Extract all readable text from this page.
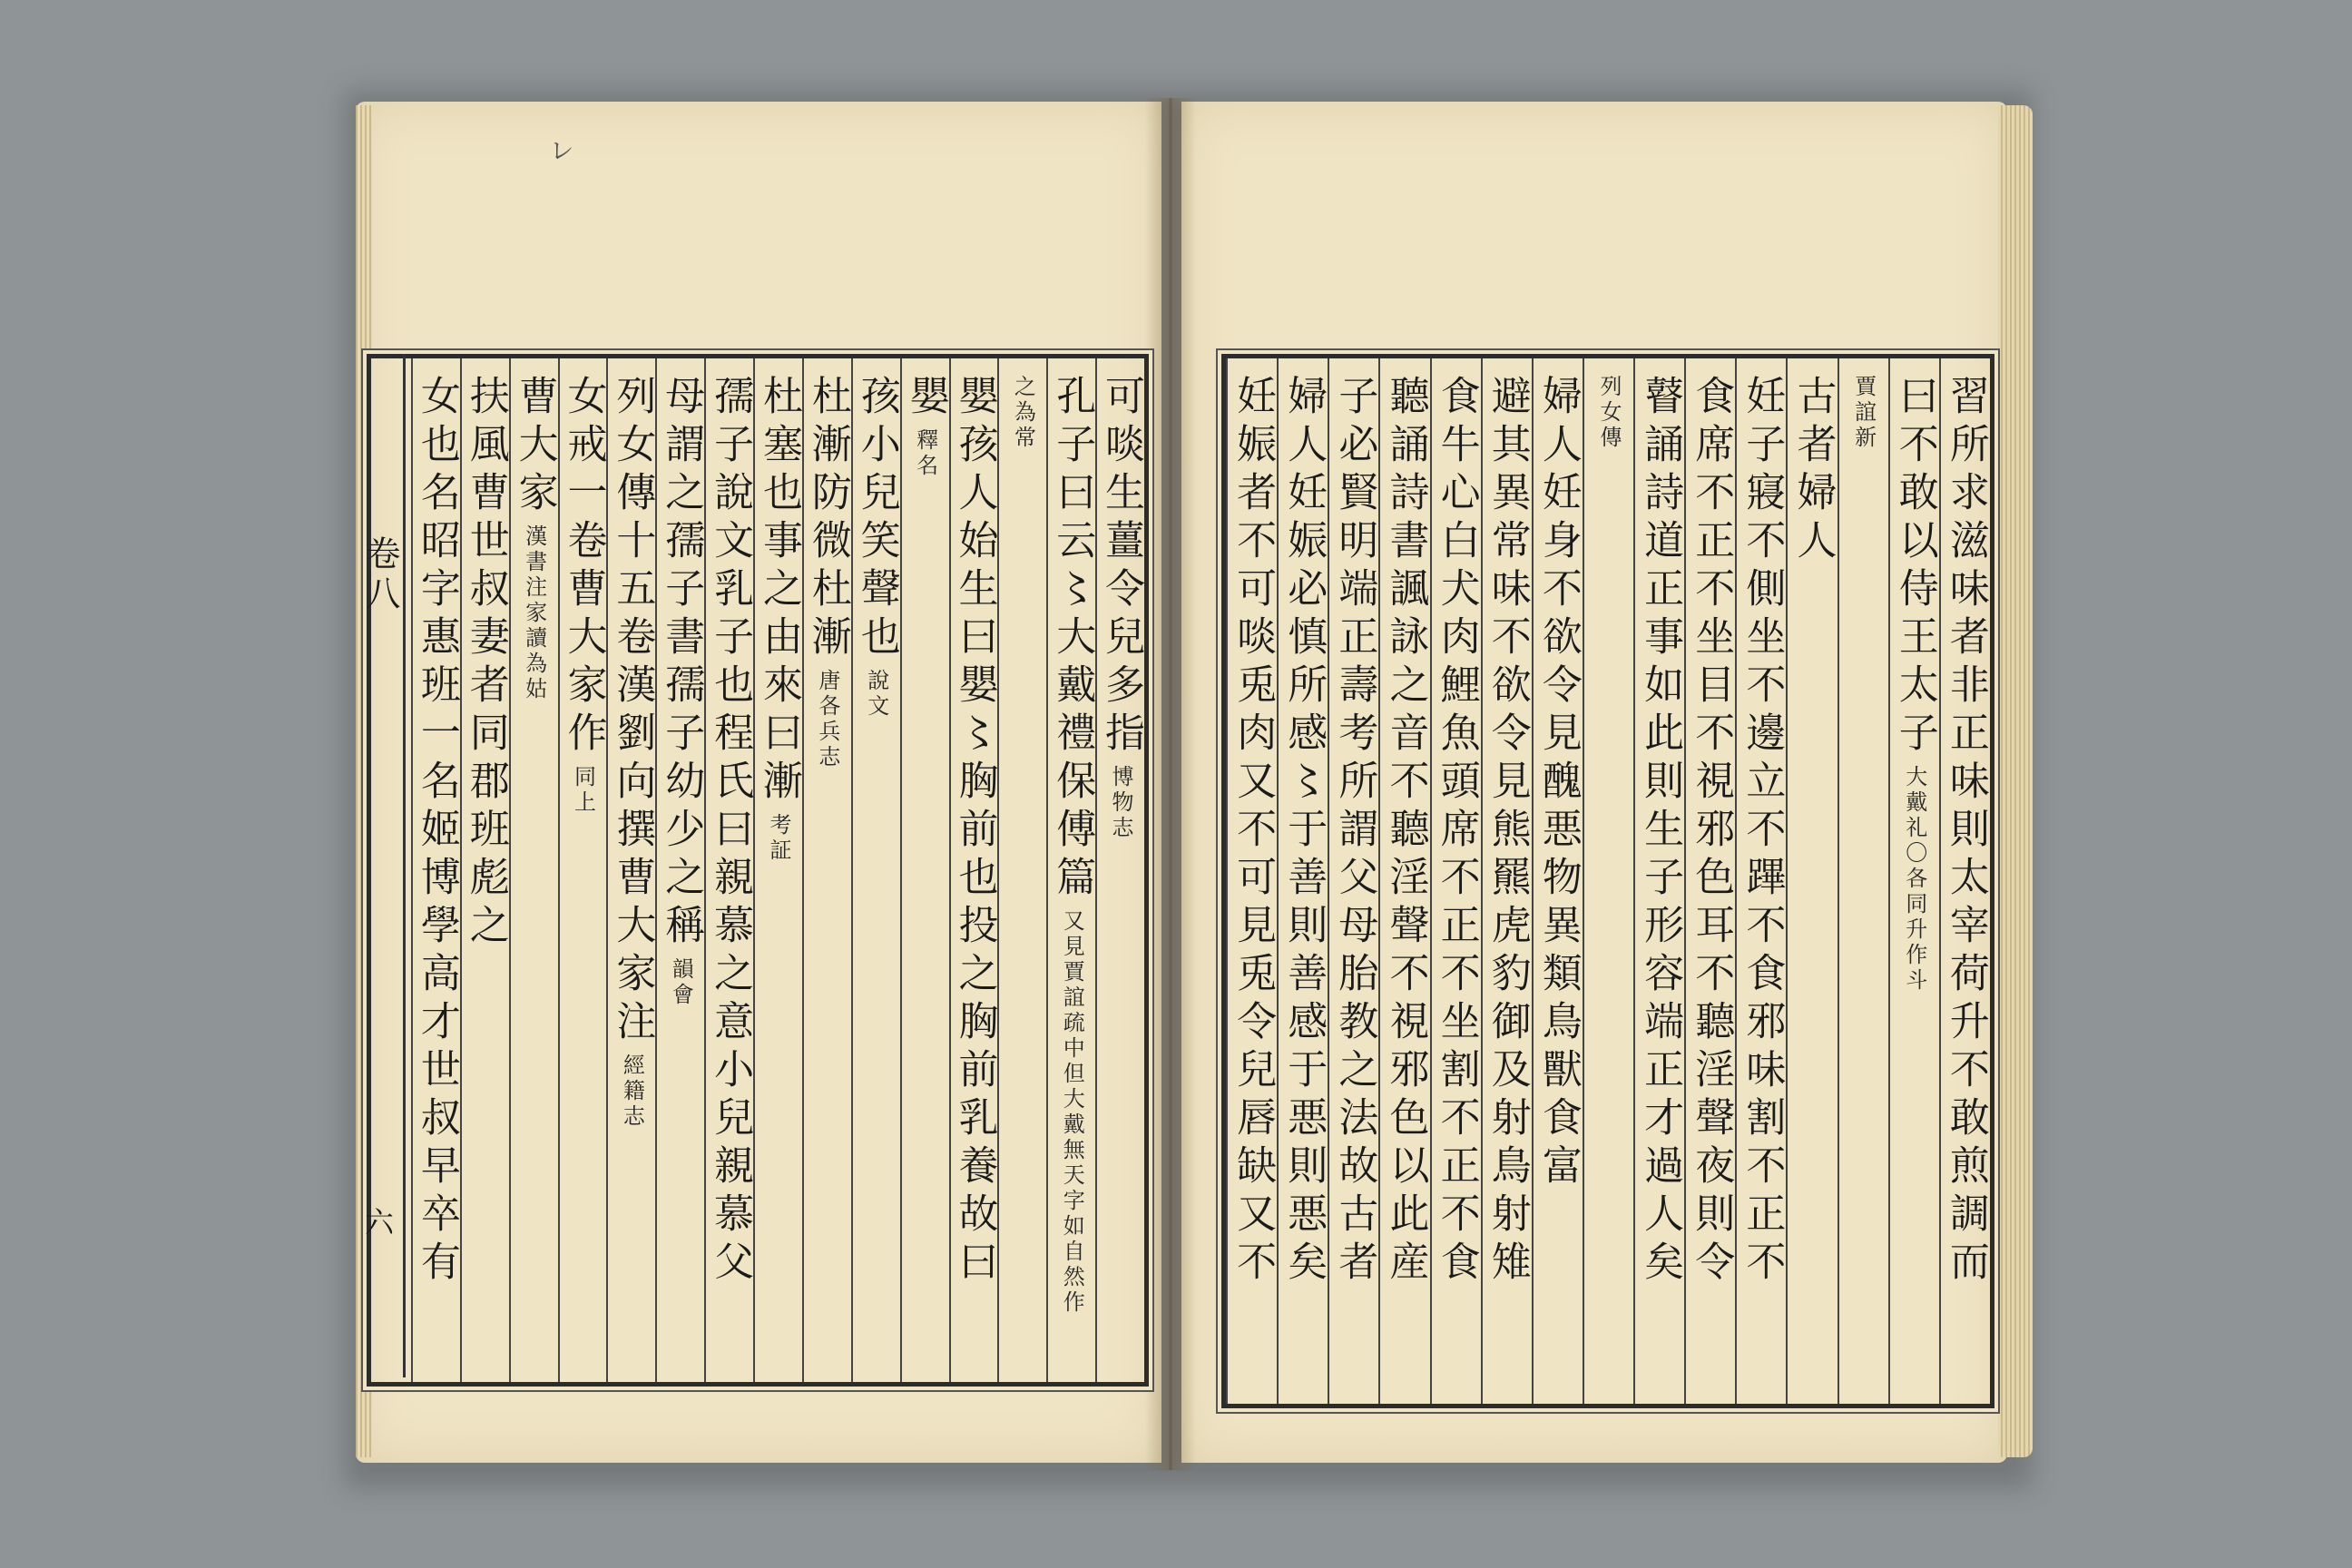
㆑
可啖生薑令兒多指
博物志
孔子曰云〻大戴禮保傅篇
又見賈誼疏中但大戴無天字如自然作
之為常
嬰孩人始生曰嬰〻胸前也投之胸前乳養故曰
嬰
釋名
孩小兒笑聲也
說文
杜漸防微杜漸
唐各兵志
杜塞也事之由來曰漸
考証
孺子說文乳子也程氏曰親慕之意小兒親慕父
母謂之孺子書孺子幼少之稱
韻會
列女傳十五卷漢劉向撰曹大家注
經籍志
女戒一卷曹大家作
同上
曹大家
漢書注家讀為姑
扶風曹世叔妻者同郡班彪之
女也名昭字惠班一名姬博學高才世叔早卒有
卷八
六	習所求滋味者非正味則太宰荷升不敢煎調而
曰不敢以侍王太子
大戴礼〇各同升作斗
賈誼新
古者婦人
妊子寢不側坐不邊立不蹕不食邪味割不正不
食席不正不坐目不視邪色耳不聽淫聲夜則令
瞽誦詩道正事如此則生子形容端正才過人矣
列女傳
婦人妊身不欲令見醜悪物異類鳥獸食富
避其異常味不欲令見熊羆虎豹御及射鳥射雉
食牛心白犬肉鯉魚頭席不正不坐割不正不食
聽誦詩書諷詠之音不聽淫聲不視邪色以此産
子必賢明端正壽考所謂父母胎教之法故古者
婦人妊娠必慎所感〻于善則善感于悪則悪矣
妊娠者不可啖兎肉又不可見兎令兒唇缺又不
